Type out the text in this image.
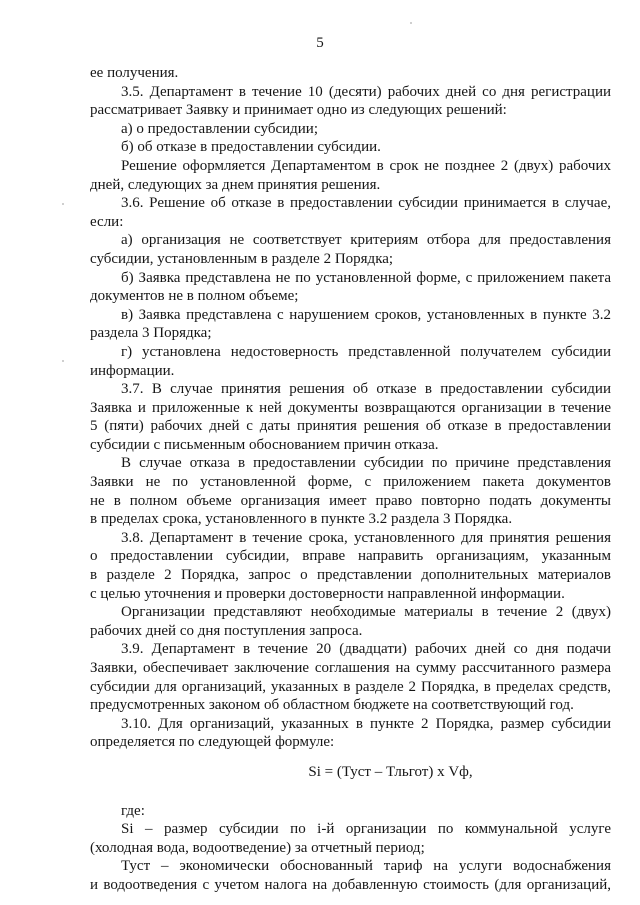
5
ее получения.
3.5. Департамент в течение 10 (десяти) рабочих дней со дня регистрации
рассматривает Заявку и принимает одно из следующих решений:
а) о предоставлении субсидии;
б) об отказе в предоставлении субсидии.
Решение оформляется Департаментом в срок не позднее 2 (двух) рабочих
дней, следующих за днем принятия решения.
3.6. Решение об отказе в предоставлении субсидии принимается в случае,
если:
а) организация не соответствует критериям отбора для предоставления
субсидии, установленным в разделе 2 Порядка;
б) Заявка представлена не по установленной форме, с приложением пакета
документов не в полном объеме;
в) Заявка представлена с нарушением сроков, установленных в пункте 3.2
раздела 3 Порядка;
г) установлена недостоверность представленной получателем субсидии
информации.
3.7. В случае принятия решения об отказе в предоставлении субсидии
Заявка и приложенные к ней документы возвращаются организации в течение
5 (пяти) рабочих дней с даты принятия решения об отказе в предоставлении
субсидии с письменным обоснованием причин отказа.
В случае отказа в предоставлении субсидии по причине представления
Заявки не по установленной форме, с приложением пакета документов
не в полном объеме организация имеет право повторно подать документы
в пределах срока, установленного в пункте 3.2 раздела 3 Порядка.
3.8. Департамент в течение срока, установленного для принятия решения
о предоставлении субсидии, вправе направить организациям, указанным
в разделе 2 Порядка, запрос о представлении дополнительных материалов
с целью уточнения и проверки достоверности направленной информации.
Организации представляют необходимые материалы в течение 2 (двух)
рабочих дней со дня поступления запроса.
3.9. Департамент в течение 20 (двадцати) рабочих дней со дня подачи
Заявки, обеспечивает заключение соглашения на сумму рассчитанного размера
субсидии для организаций, указанных в разделе 2 Порядка, в пределах средств,
предусмотренных законом об областном бюджете на соответствующий год.
3.10. Для организаций, указанных в пункте 2 Порядка, размер субсидии
определяется по следующей формуле:
Si = (Туст – Тльгот) х Vф,
где:
Si – размер субсидии по i-й организации по коммунальной услуге
(холодная вода, водоотведение) за отчетный период;
Туст – экономически обоснованный тариф на услуги водоснабжения
и водоотведения с учетом налога на добавленную стоимость (для организаций,
